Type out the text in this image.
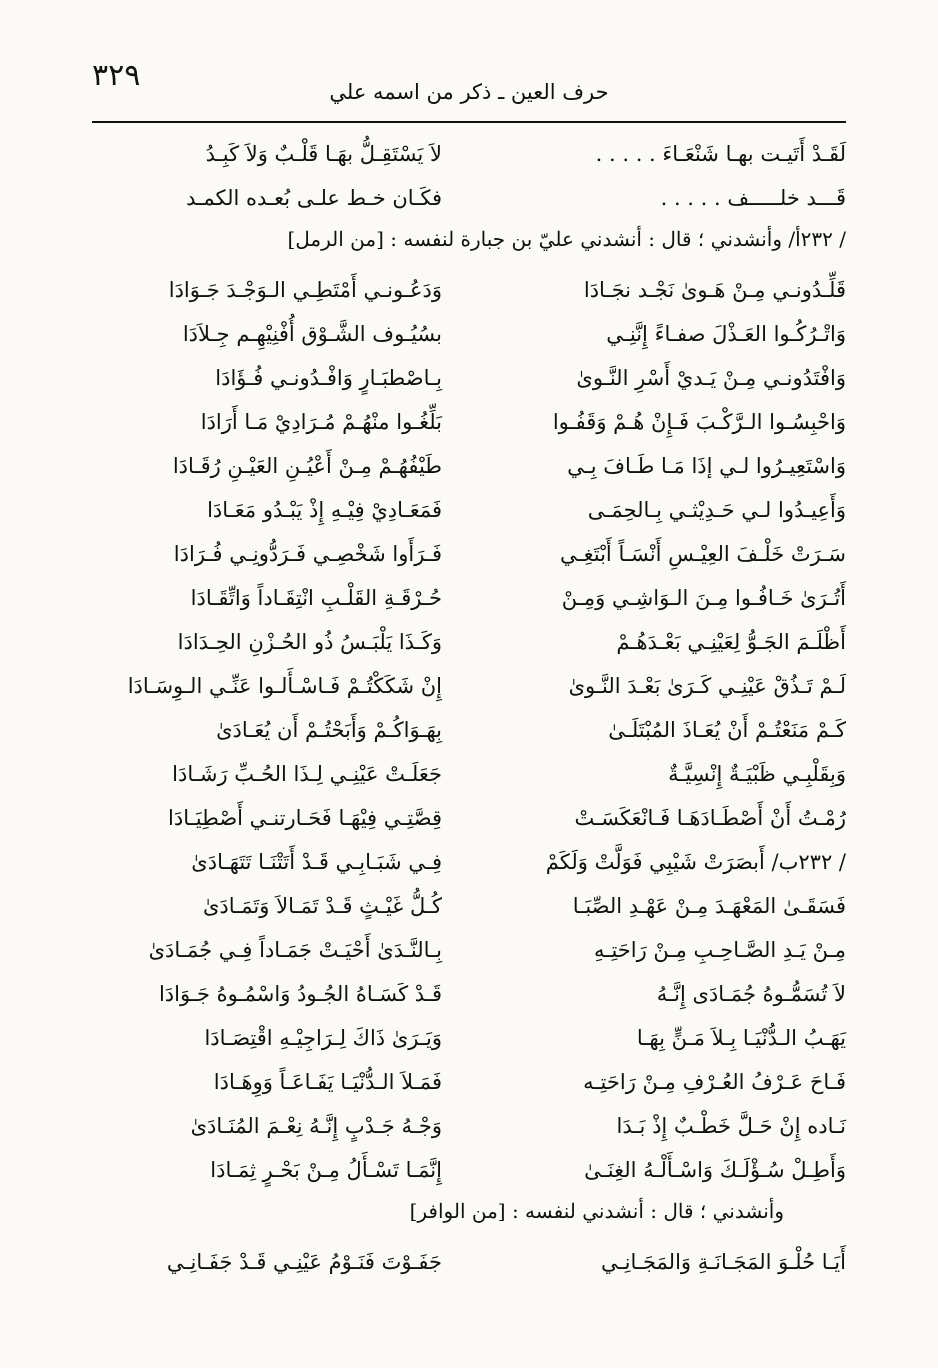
٣٢٩	حرف العين ـ ذكر من اسمه علي
لَقَـدْ أَتَيـت بهـا شَنْعَـاءَ . . . . .
لاَ يَسْتَقِـلُّ بهَـا قَلْـبٌ وَلاَ كَبِـدُ
قَـــد خلـــــف . . . . .
فكَـان خـط علـى بُعـده الكمـد
/ ٢٣٢أ/ وأنشدني ؛ قال : أنشدني عليّ بن جبارة لنفسه : [من الرمل]
قَلِّـدُونـي مِـنْ هَـوىٰ نَجْـد نجَـادَا
وَدَعُـونـي أَمْتَطِـي الـوَجْـدَ جَـوَادَا
وَاتْـرُكُـوا العَـذْلَ صفـاءً إِنَّنِـي
بسُيُـوف الشَّـوْق أُفْنِيْهِـم جِـلاَدَا
وَافْتَدُونـي مِـنْ يَـديْ أَسْرِ النَّـوىٰ
بِـاصْطبَـارٍ وَافْـدُونـي فُـؤَادَا
وَاحْبِسُـوا الـرَّكْـبَ فَـإِنْ هُـمْ وَقَفُـوا
بَلِّغُـوا منْهُـمْ مُـرَادِيْ مَـا أَرَادَا
وَاسْتَعِيـرُوا لـي إذَا مَـا طَـافَ بِـي
طَيْفُهُـمْ مِـنْ أَعْيُـنِ العَيْـنِ رُقَـادَا
وَأَعِيـدُوا لـي حَـدِيْثـي بِـالحِمَـى
فَمَعَـادِيْ فِيْـهِ إِذْ يَبْـدُو مَعَـادَا
سَـرَتْ خَلْـفَ العِيْـسِ أَنْسَـاً أَبْتَغِـي
فَـرَأَوا شَخْصِـي فَـرَدُّونِـي فُـرَادَا
أَتُـرَىٰ خَـافُـوا مِـنَ الـوَاشِـي وَمِـنْ
حُـرْقَـةِ القَلْـبِ انْتِقَـاداً وَاتِّقَـادَا
أَظْلَـمَ الجَـوُّ لِعَيْنِـي بَعْـدَهُـمْ
وَكَـذَا يَلْبَـسُ ذُو الحُـزْنِ الحِـدَادَا
لَـمْ تَـذُقْ عَيْنِـي كَـرَىٰ بَعْـدَ النَّـوىٰ
إِنْ شَكَكْتُـمْ فَـاسْـأَلـوا عَنِّـي الـوِسَـادَا
كَـمْ مَنَعْتُـمْ أَنْ يُعَـاذَ المُبْتَلَـىٰ
بِهَـوَاكُـمْ وَأَبَحْتُـمْ أَن يُعَـادَىٰ
وَبِقَلْبِـي ظَبْيَـةٌ إِنْسِيَّـةٌ
جَعَلَـتْ عَيْنِـي لِـذَا الحُـبِّ رَشَـادَا
رُمْـتُ أَنْ أَصْطَـادَهَـا فَـانْعَكَسَـتْ
قِصَّتِـي فِيْهَـا فَحَـارتنـي أَصْطِيَـادَا
/ ٢٣٢ب/ أَبصَرَتْ شَيْبِي فَوَلَّتْ وَلَكَمْ
فِـي شَبَـابِـي قَـدْ أَتَتْنَـا تَتَهَـادَىٰ
فَسَقَـىٰ المَعْهَـدَ مِـنْ عَهْـدِ الصِّبَـا
كُـلُّ غَيْـثٍ قَـدْ تَمَـالاَ وَتَمَـادَىٰ
مِـنْ يَـدِ الصَّـاحِـبِ مِـنْ رَاحَتِـهِ
بِـالنَّـدَىٰ أَحْيَـتْ جَمَـاداً فِـي جُمَـادَىٰ
لاَ تُسَمُّـوهُ جُمَـادَى إِنَّـهُ
قَـدْ كَسَـاهُ الجُـودُ وَاسْمُـوهُ جَـوَادَا
يَهَـبُ الـدُّنْيَـا بِـلاَ مَـنٍّ بِهَـا
وَيَـرَىٰ ذَاكَ لِـرَاجِيْـهِ اقْتِصَـادَا
فَـاحَ عَـرْفُ العُـرْفِ مِـنْ رَاحَتِـه
فَمَـلاَ الـدُّنْيَـا يَفَـاعَـاً وَوِهَـادَا
نَـاده إِنْ حَـلَّ خَطْـبٌ إِذْ بَـدَا
وَجْـهُ جَـدْبٍ إِنَّـهُ نِعْـمَ المُنَـادَىٰ
وَأَطِـلْ سُـؤْلَـكَ وَاسْـأَلْـهُ الغِنَـىٰ
إِنَّمَـا تَسْـأَلُ مِـنْ بَحْـرٍ ثِمَـادَا
وأنشدني ؛ قال : أنشدني لنفسه : [من الوافر]
أَيَـا حُلْـوَ المَجَـانَـةِ وَالمَجَـانِـي
جَفَـوْتَ فَنَـوْمُ عَيْنِـي قَـدْ جَفَـانِـي
